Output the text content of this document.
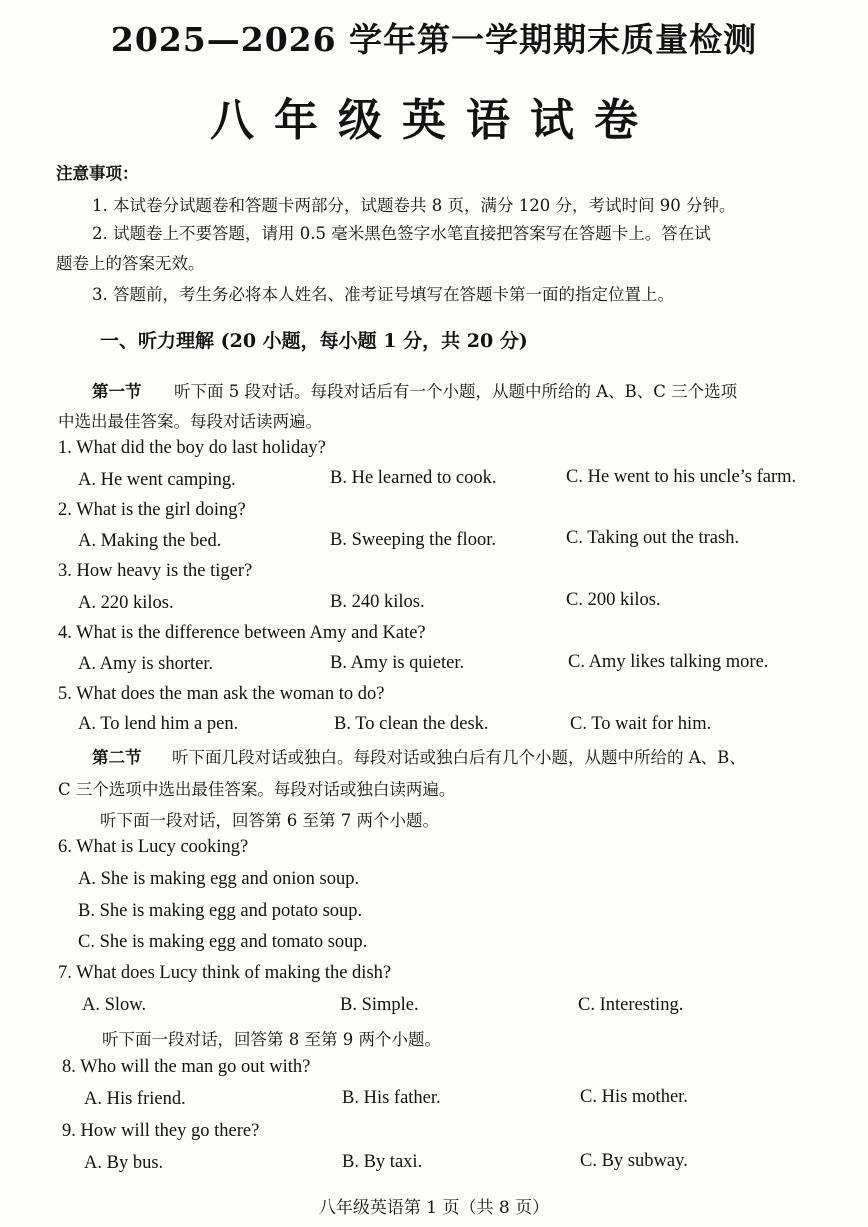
2025—2026 学年第一学期期末质量检测
八年级英语试卷
注意事项：
1. 本试卷分试题卷和答题卡两部分，试题卷共 8 页，满分 120 分，考试时间 90 分钟。
2. 试题卷上不要答题，请用 0.5 毫米黑色签字水笔直接把答案写在答题卡上。答在试
题卷上的答案无效。
3. 答题前，考生务必将本人姓名、准考证号填写在答题卡第一面的指定位置上。
一、听力理解 (20 小题，每小题 1 分，共 20 分)
第一节 听下面 5 段对话。每段对话后有一个小题，从题中所给的 A、B、C 三个选项
中选出最佳答案。每段对话读两遍。
1. What did the boy do last holiday?
A. He went camping.	B. He learned to cook.	C. He went to his uncle’s farm.
2. What is the girl doing?
A. Making the bed.	B. Sweeping the floor.	C. Taking out the trash.
3. How heavy is the tiger?
A. 220 kilos.	B. 240 kilos.	C. 200 kilos.
4. What is the difference between Amy and Kate?
A. Amy is shorter.	B. Amy is quieter.	C. Amy likes talking more.
5. What does the man ask the woman to do?
A. To lend him a pen.	B. To clean the desk.	C. To wait for him.
第二节 听下面几段对话或独白。每段对话或独白后有几个小题，从题中所给的 A、B、
C 三个选项中选出最佳答案。每段对话或独白读两遍。
听下面一段对话，回答第 6 至第 7 两个小题。
6. What is Lucy cooking?
A. She is making egg and onion soup.
B. She is making egg and potato soup.
C. She is making egg and tomato soup.
7. What does Lucy think of making the dish?
A. Slow.	B. Simple.	C. Interesting.
听下面一段对话，回答第 8 至第 9 两个小题。
8. Who will the man go out with?
A. His friend.	B. His father.	C. His mother.
9. How will they go there?
A. By bus.	B. By taxi.	C. By subway.
八年级英语第 1 页（共 8 页）
